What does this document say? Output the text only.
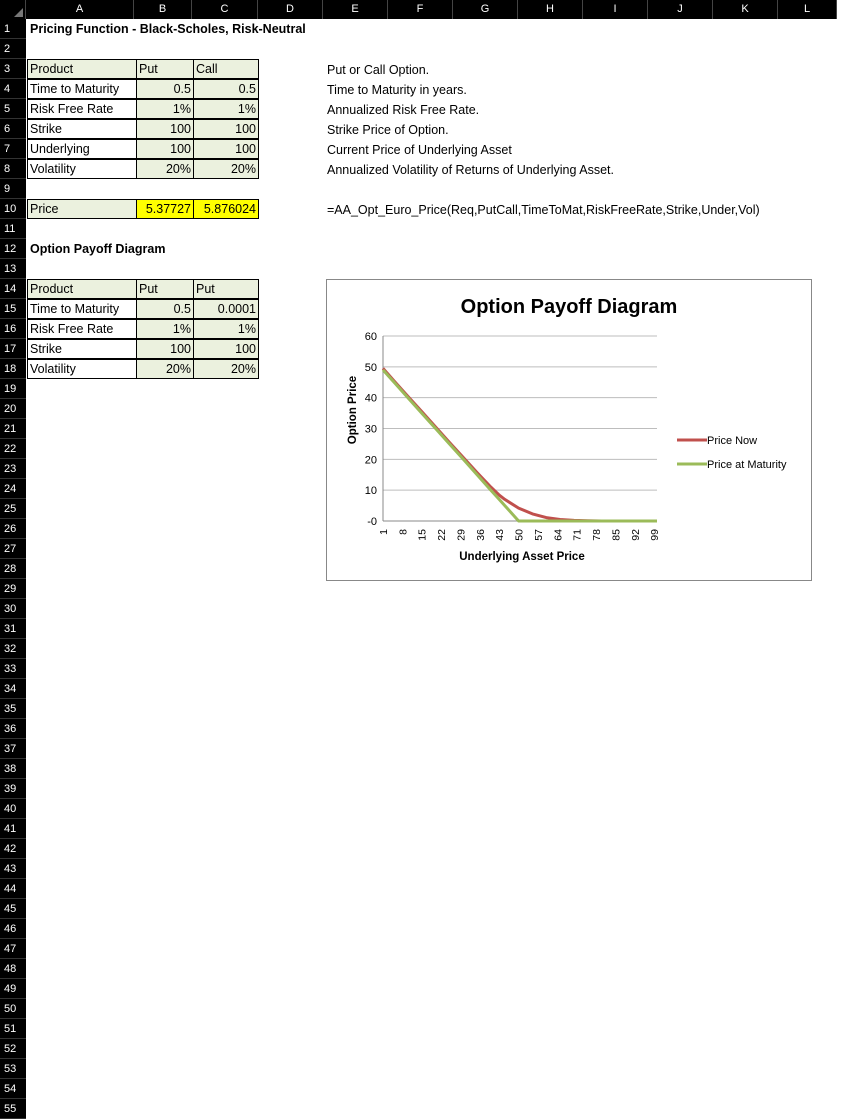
A	B	C	D	E	F	G	H	I	J	K	L
1
2
3
4
5
6
7
8
9
10
11
12
13
14
15
16
17
18
19
20
21
22
23
24
25
26
27
28
29
30
31
32
33
34
35
36
37
38
39
40
41
42
43
44
45
46
47
48
49
50
51
52
53
54
55
Pricing Function - Black-Scholes, Risk-Neutral
Product	Put	Call
Time to Maturity	0.5	0.5
Risk Free Rate	1%	1%
Strike	100	100
Underlying	100	100
Volatility	20%	20%
Price	5.37727	5.876024
Put or Call Option.
Time to Maturity in years.
Annualized Risk Free Rate.
Strike Price of Option.
Current Price of Underlying Asset
Annualized Volatility of Returns of Underlying Asset.
=AA_Opt_Euro_Price(Req,PutCall,TimeToMat,RiskFreeRate,Strike,Under,Vol)
Option Payoff Diagram
Product	Put	Put
Time to Maturity	0.5	0.0001
Risk Free Rate	1%	1%
Strike	100	100
Volatility	20%	20%
Option Payoff Diagram
-0
10
20
30
40
50
60
1 8 15 22 29 36 43 50 57 64 71 78 85 92 99
Option Price
Underlying Asset Price
Price Now
Price at Maturity
